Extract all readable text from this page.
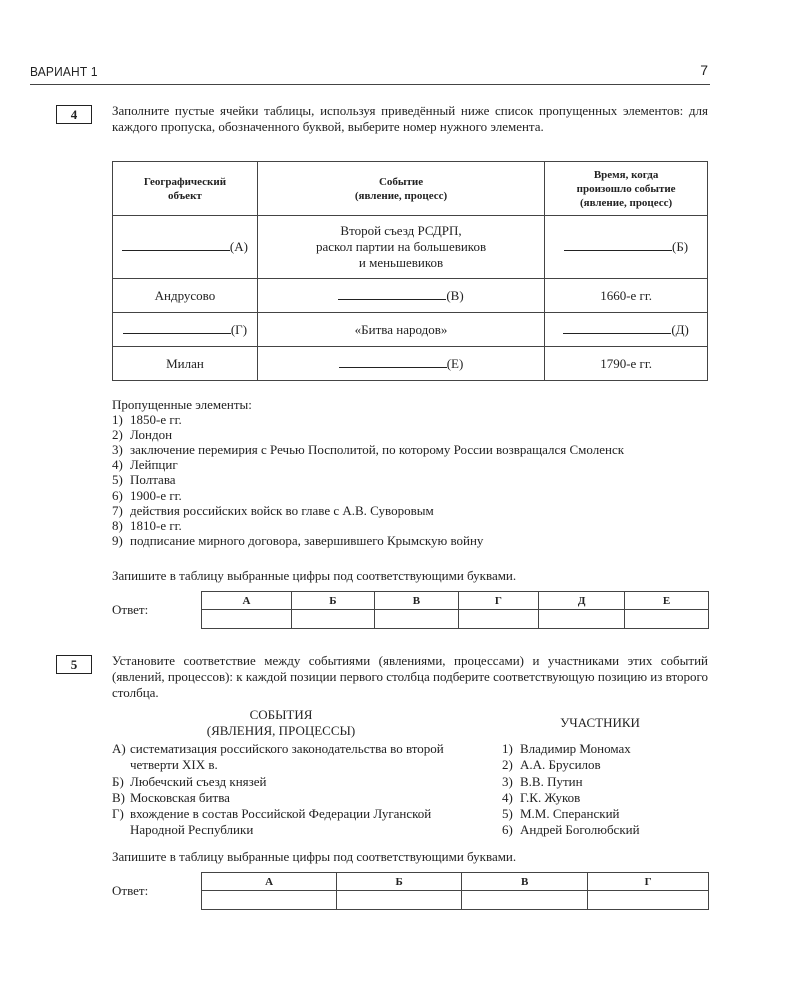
ВАРИАНТ 1	7
4	Заполните пустые ячейки таблицы, используя приведённый ниже список пропущенных элементов: для каждого пропуска, обозначенного буквой, выберите номер нужного элемента.
Географический
объект

Событие
(явление, процесс)

Время, когда
произошло событие
(явление, процесс)

(А)	Второй съезд РСДРП,
раскол партии на большевиков
и меньшевиков	(Б)
Андрусово	(В)	1660-е гг.
(Г)	«Битва народов»	(Д)
Милан	(Е)	1790-е гг.
Пропущенные элементы:
1) 1850-е гг.
2) Лондон
3) заключение перемирия с Речью Посполитой, по которому России возвращался Смоленск
4) Лейпциг
5) Полтава
6) 1900-е гг.
7) действия российских войск во главе с А.В. Суворовым
8) 1810-е гг.
9) подписание мирного договора, завершившего Крымскую войну
Запишите в таблицу выбранные цифры под соответствующими буквами.
Ответ:
А	Б	В	Г	Д	Е

5	Установите соответствие между событиями (явлениями, процессами) и участниками этих событий (явлений, процессов): к каждой позиции первого столбца подберите соответствующую позицию из второго столбца.
СОБЫТИЯ
(ЯВЛЕНИЯ, ПРОЦЕССЫ)
УЧАСТНИКИ
А) систематизация российского законодательства во второй четверти XIX в.
Б) Любечский съезд князей
В) Московская битва
Г) вхождение в состав Российской Федерации Луганской Народной Республики
1) Владимир Мономах
2) А.А. Брусилов
3) В.В. Путин
4) Г.К. Жуков
5) М.М. Сперанский
6) Андрей Боголюбский
Запишите в таблицу выбранные цифры под соответствующими буквами.
Ответ:
А	Б	В	Г
